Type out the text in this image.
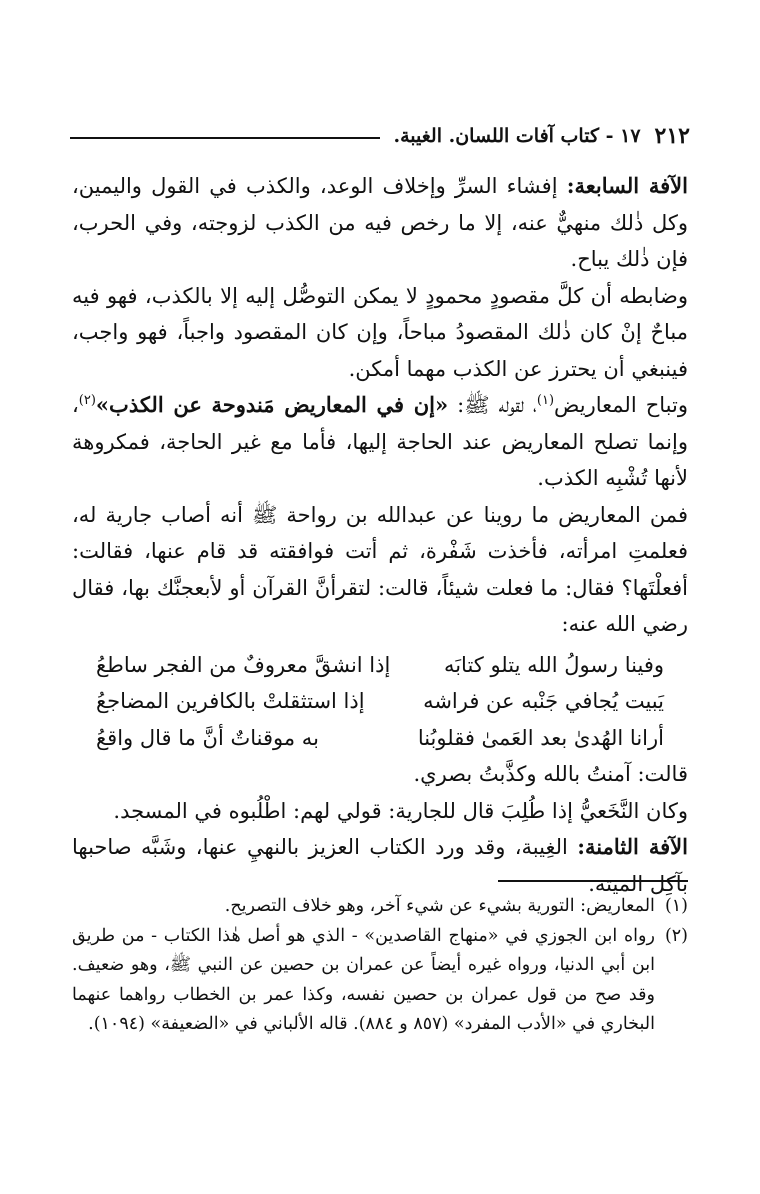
٢١٢
١٧ - كتاب آفات اللسان. الغيبة.

الآفة السابعة: إفشاء السرِّ وإخلاف الوعد، والكذب في القول واليمين، وكل ذٰلك منهيٌّ عنه، إلا ما رخص فيه من الكذب لزوجته، وفي الحرب، فإن ذٰلك يباح.

وضابطه أن كلَّ مقصودٍ محمودٍ لا يمكن التوصُّل إليه إلا بالكذب، فهو فيه مباحٌ إنْ كان ذٰلك المقصودُ مباحاً، وإن كان المقصود واجباً، فهو واجب، فينبغي أن يحترز عن الكذب مهما أمكن.

وتباح المعاريض$^{(١)}$، لقوله ﷺ: «إن في المعاريض مَندوحة عن الكذب»$^{(٢)}$، وإنما تصلح المعاريض عند الحاجة إليها، فأما مع غير الحاجة، فمكروهة لأنها تُشْبِه الكذب.

فمن المعاريض ما روينا عن عبدالله بن رواحة ﷺ أنه أصاب جارية له، فعلمتِ امرأته، فأخذت شَفْرة، ثم أتت فوافقته قد قام عنها، فقالت: أفعلْتَها؟ فقال: ما فعلت شيئاً، قالت: لتقرأنَّ القرآن أو لأبعجنَّك بها، فقال رضي الله عنه:

وفينا رسولُ الله يتلو كتابَه
إذا انشقَّ معروفٌ من الفجر ساطعُ
يَبيت يُجافي جَنْبه عن فراشه
إذا استثقلتْ بالكافرين المضاجعُ
أرانا الهُدىٰ بعد العَمىٰ فقلوبُنا
به موقناتٌ أنَّ ما قال واقعُ

قالت: آمنتُ بالله وكذَّبتُ بصري.

وكان النَّخَعيُّ إذا طُلِبَ قال للجارية: قولي لهم: اطْلُبوه في المسجد.

الآفة الثامنة: الغِيبة، وقد ورد الكتاب العزيز بالنهيِ عنها، وشَبَّه صاحبها بآكِل الميتة.

(١)
المعاريض: التورية بشيء عن شيء آخر، وهو خلاف التصريح.
(٢)
رواه ابن الجوزي في «منهاج القاصدين» - الذي هو أصل هٰذا الكتاب - من طريق ابن أبي الدنيا، ورواه غيره أيضاً عن عمران بن حصين عن النبي ﷺ، وهو ضعيف. وقد صح من قول عمران بن حصين نفسه، وكذا عمر بن الخطاب رواهما عنهما البخاري في «الأدب المفرد» (٨٥٧ و ٨٨٤). قاله الألباني في «الضعيفة» (١٠٩٤).
